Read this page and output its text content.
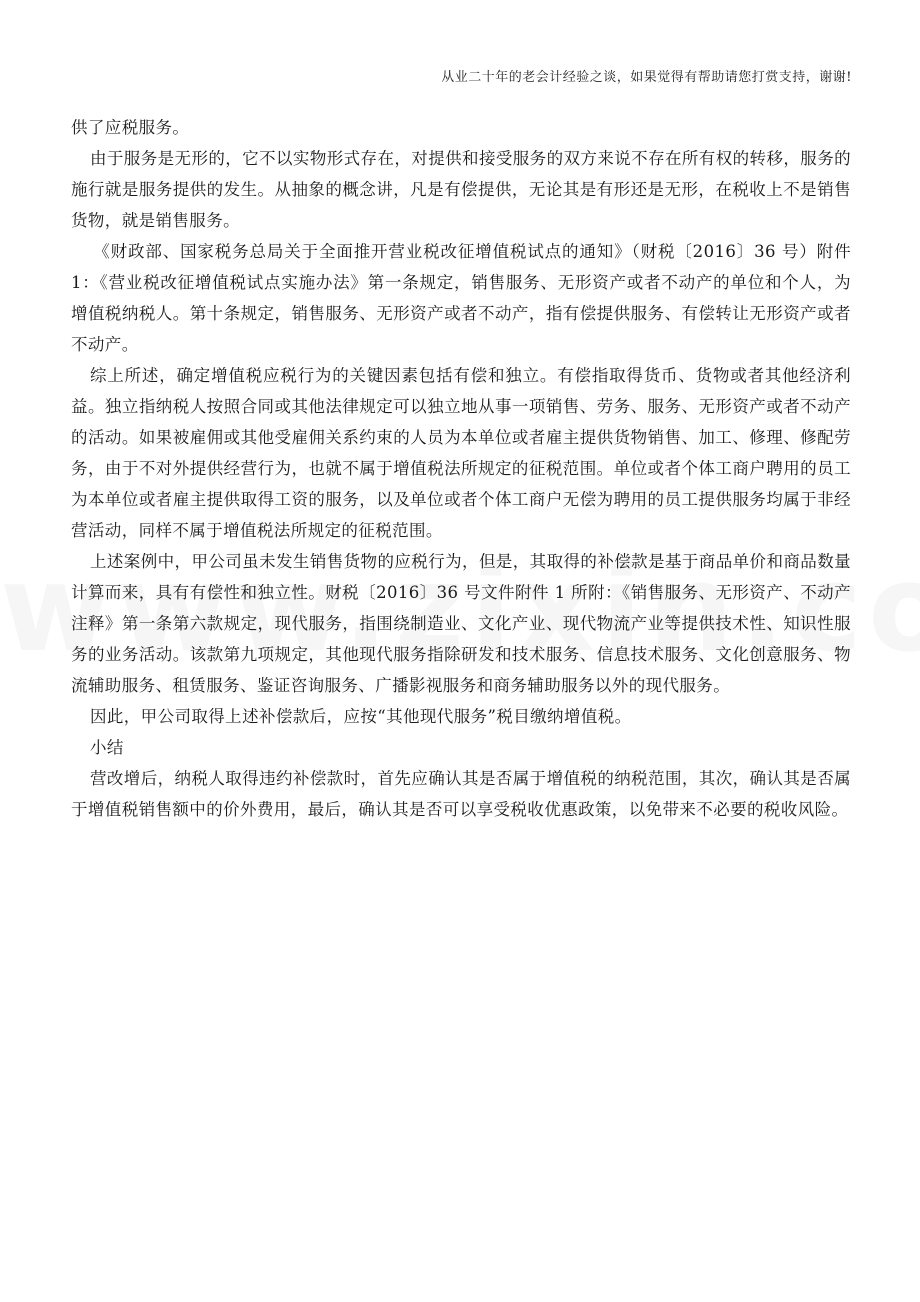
从业二十年的老会计经验之谈，如果觉得有帮助请您打赏支持，谢谢!

供了应税服务。

由于服务是无形的，它不以实物形式存在，对提供和接受服务的双方来说不存在所有权的转移，服务的施行就是服务提供的发生。从抽象的概念讲，凡是有偿提供，无论其是有形还是无形，在税收上不是销售货物，就是销售服务。

《财政部、国家税务总局关于全面推开营业税改征增值税试点的通知》（财税〔2016〕36 号）附件 1：《营业税改征增值税试点实施办法》第一条规定，销售服务、无形资产或者不动产的单位和个人，为增值税纳税人。第十条规定，销售服务、无形资产或者不动产，指有偿提供服务、有偿转让无形资产或者不动产。

综上所述，确定增值税应税行为的关键因素包括有偿和独立。有偿指取得货币、货物或者其他经济利益。独立指纳税人按照合同或其他法律规定可以独立地从事一项销售、劳务、服务、无形资产或者不动产的活动。如果被雇佣或其他受雇佣关系约束的人员为本单位或者雇主提供货物销售、加工、修理、修配劳务，由于不对外提供经营行为，也就不属于增值税法所规定的征税范围。单位或者个体工商户聘用的员工为本单位或者雇主提供取得工资的服务，以及单位或者个体工商户无偿为聘用的员工提供服务均属于非经营活动，同样不属于增值税法所规定的征税范围。

上述案例中，甲公司虽未发生销售货物的应税行为，但是，其取得的补偿款是基于商品单价和商品数量计算而来，具有有偿性和独立性。财税〔2016〕36 号文件附件 1 所附：《销售服务、无形资产、不动产注释》第一条第六款规定，现代服务，指围绕制造业、文化产业、现代物流产业等提供技术性、知识性服务的业务活动。该款第九项规定，其他现代服务指除研发和技术服务、信息技术服务、文化创意服务、物流辅助服务、租赁服务、鉴证咨询服务、广播影视服务和商务辅助服务以外的现代服务。

因此，甲公司取得上述补偿款后，应按“其他现代服务”税目缴纳增值税。

小结

营改增后，纳税人取得违约补偿款时，首先应确认其是否属于增值税的纳税范围，其次，确认其是否属于增值税销售额中的价外费用，最后，确认其是否可以享受税收优惠政策，以免带来不必要的税收风险。
